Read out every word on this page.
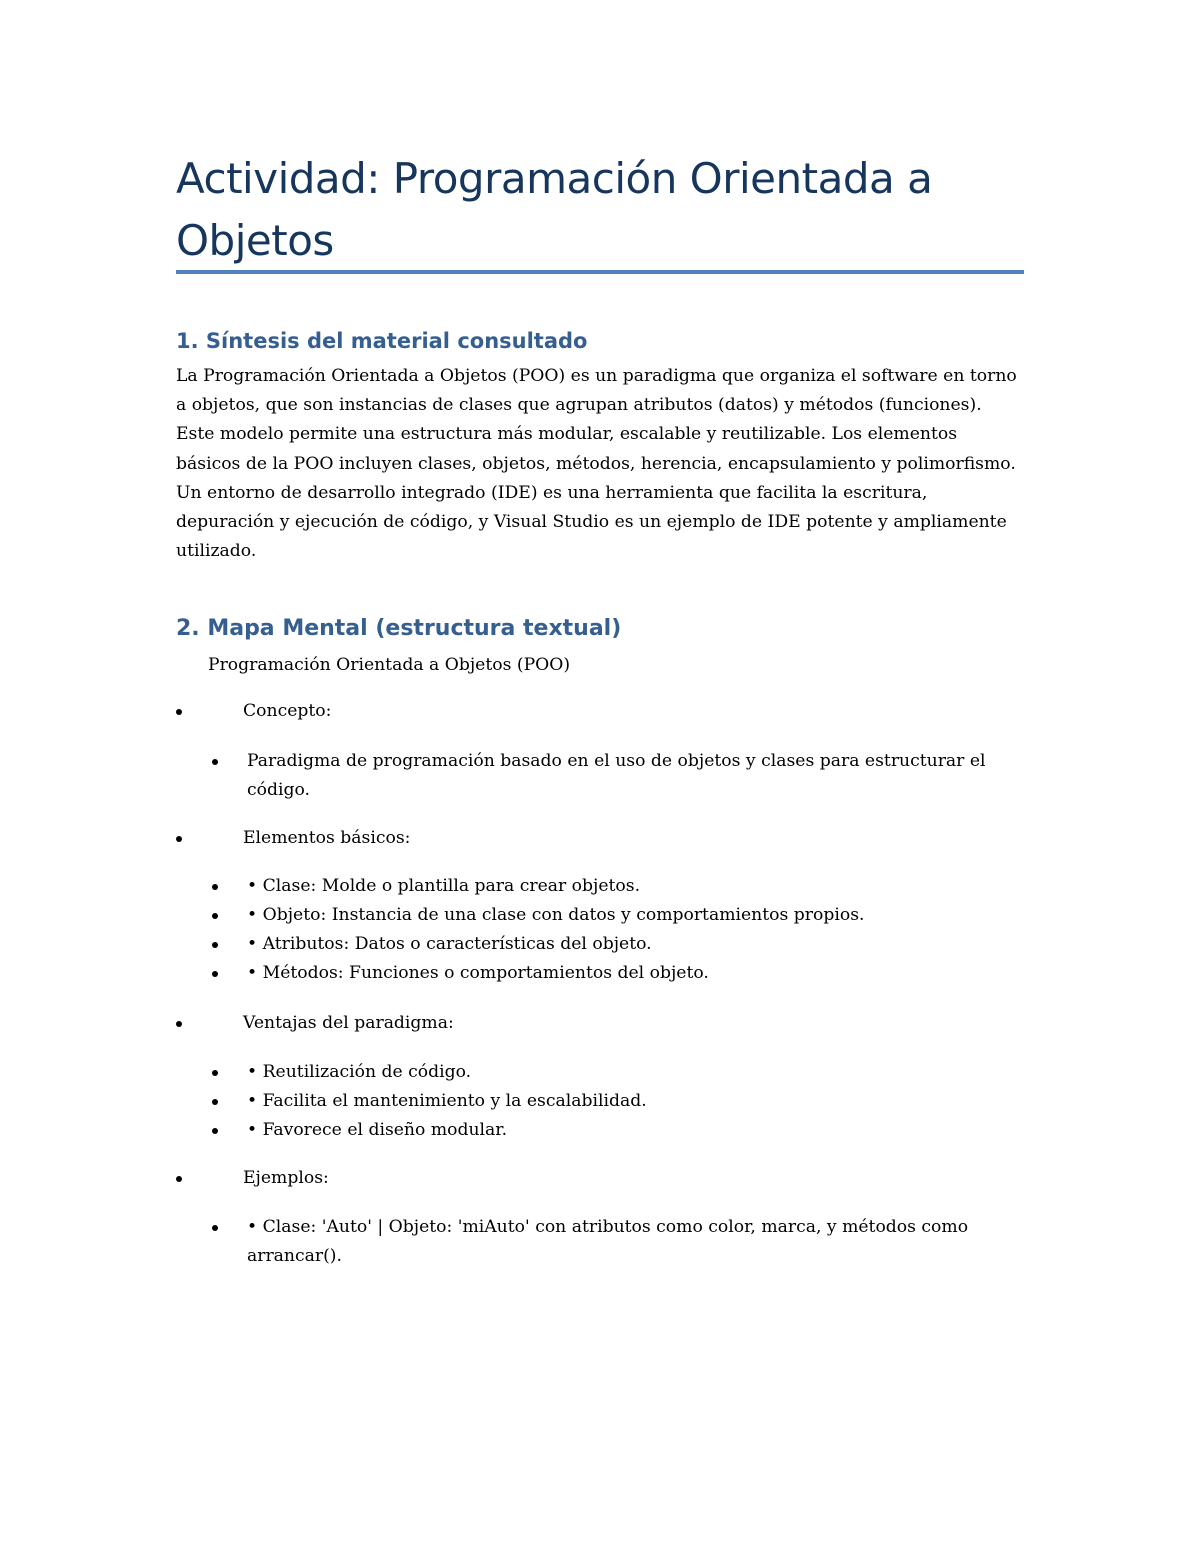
Actividad: Programación Orientada a Objetos
1. Síntesis del material consultado

La Programación Orientada a Objetos (POO) es un paradigma que organiza el software en torno a objetos, que son instancias de clases que agrupan atributos (datos) y métodos (funciones). Este modelo permite una estructura más modular, escalable y reutilizable. Los elementos básicos de la POO incluyen clases, objetos, métodos, herencia, encapsulamiento y polimorfismo. Un entorno de desarrollo integrado (IDE) es una herramienta que facilita la escritura, depuración y ejecución de código, y Visual Studio es un ejemplo de IDE potente y ampliamente utilizado.

2. Mapa Mental (estructura textual)

Programación Orientada a Objetos (POO)

Concepto:
Paradigma de programación basado en el uso de objetos y clases para estructurar el código.
Elementos básicos:
• Clase: Molde o plantilla para crear objetos.
• Objeto: Instancia de una clase con datos y comportamientos propios.
• Atributos: Datos o características del objeto.
• Métodos: Funciones o comportamientos del objeto.
Ventajas del paradigma:
• Reutilización de código.
• Facilita el mantenimiento y la escalabilidad.
• Favorece el diseño modular.
Ejemplos:
• Clase: 'Auto' | Objeto: 'miAuto' con atributos como color, marca, y métodos como arrancar().
